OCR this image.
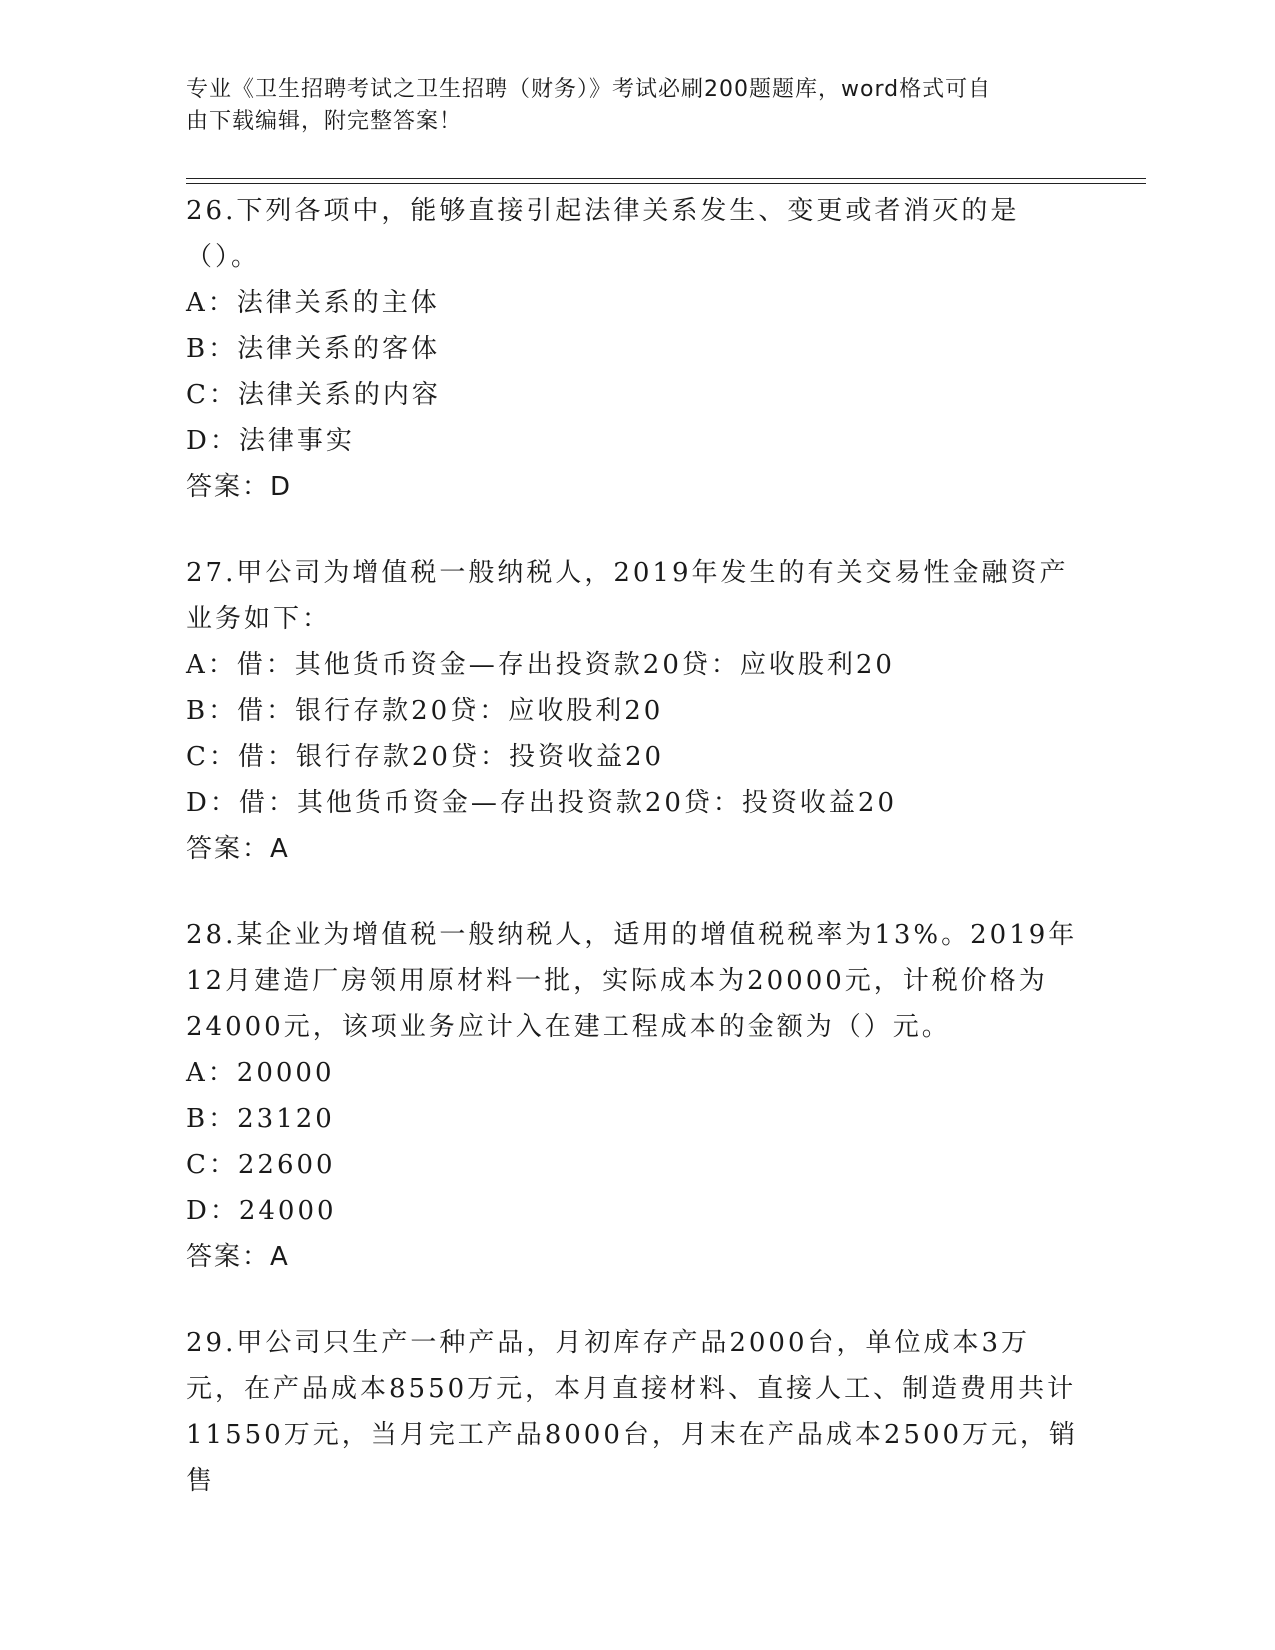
专业《卫生招聘考试之卫生招聘（财务）》考试必刷200题题库，word格式可自
由下载编辑，附完整答案！
26.下列各项中，能够直接引起法律关系发生、变更或者消灭的是（）。
A：法律关系的主体
B：法律关系的客体
C：法律关系的内容
D：法律事实
答案：D
27.甲公司为增值税一般纳税人，2019年发生的有关交易性金融资产业务如下：
A：借：其他货币资金—存出投资款20贷：应收股利20
B：借：银行存款20贷：应收股利20
C：借：银行存款20贷：投资收益20
D：借：其他货币资金—存出投资款20贷：投资收益20
答案：A
28.某企业为增值税一般纳税人，适用的增值税税率为13%。2019年12月建造厂房领用原材料一批，实际成本为20000元，计税价格为24000元，该项业务应计入在建工程成本的金额为（）元。
A：20000
B：23120
C：22600
D：24000
答案：A
29.甲公司只生产一种产品，月初库存产品2000台，单位成本3万元，在产品成本8550万元，本月直接材料、直接人工、制造费用共计11550万元，当月完工产品8000台，月末在产品成本2500万元，销售
